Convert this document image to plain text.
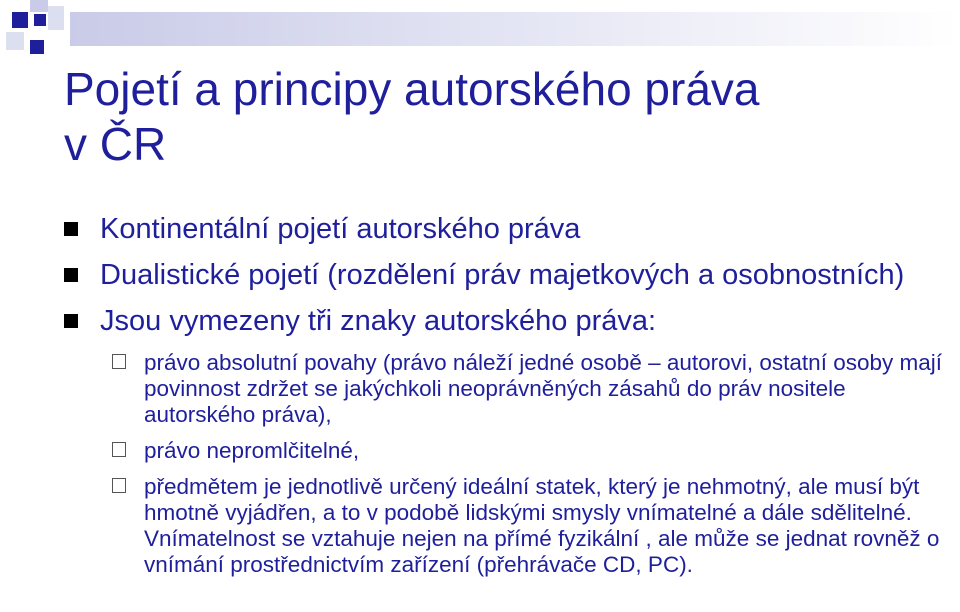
Pojetí a principy autorského práva
v ČR
Kontinentální pojetí autorského práva
Dualistické pojetí (rozdělení práv majetkových a osobnostních)
Jsou vymezeny tři znaky autorského práva:
právo absolutní povahy (právo náleží jedné osobě – autorovi, ostatní osoby mají povinnost zdržet se jakýchkoli neoprávněných zásahů do práv nositele autorského práva),
právo nepromlčitelné,
předmětem je jednotlivě určený ideální statek, který je nehmotný, ale musí být hmotně vyjádřen, a to v podobě lidskými smysly vnímatelné a dále sdělitelné. Vnímatelnost se vztahuje nejen na přímé fyzikální , ale může se jednat rovněž o vnímání prostřednictvím zařízení (přehrávače CD, PC).
